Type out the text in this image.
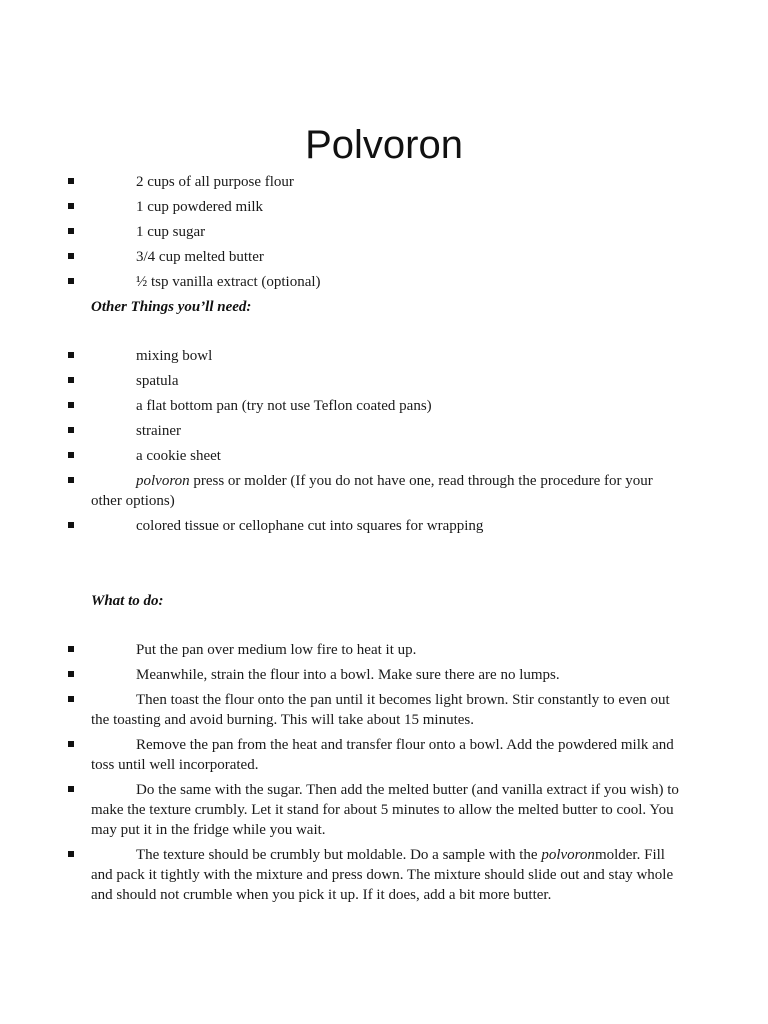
Polvoron
2 cups of all purpose flour
1 cup powdered milk
1 cup sugar
3/4 cup melted butter
½ tsp vanilla extract (optional)
Other Things you’ll need:
mixing bowl
spatula
a flat bottom pan (try not use Teflon coated pans)
strainer
a cookie sheet
polvoron press or molder (If you do not have one, read through the procedure for your other options)
colored tissue or cellophane cut into squares for wrapping
What to do:
Put the pan over medium low fire to heat it up.
Meanwhile, strain the flour into a bowl. Make sure there are no lumps.
Then toast the flour onto the pan until it becomes light brown. Stir constantly to even out the toasting and avoid burning. This will take about 15 minutes.
Remove the pan from the heat and transfer flour onto a bowl. Add the powdered milk and toss until well incorporated.
Do the same with the sugar. Then add the melted butter (and vanilla extract if you wish) to make the texture crumbly. Let it stand for about 5 minutes to allow the melted butter to cool. You may put it in the fridge while you wait.
The texture should be crumbly but moldable. Do a sample with the polvoronmolder. Fill and pack it tightly with the mixture and press down. The mixture should slide out and stay whole and should not crumble when you pick it up. If it does, add a bit more butter.
